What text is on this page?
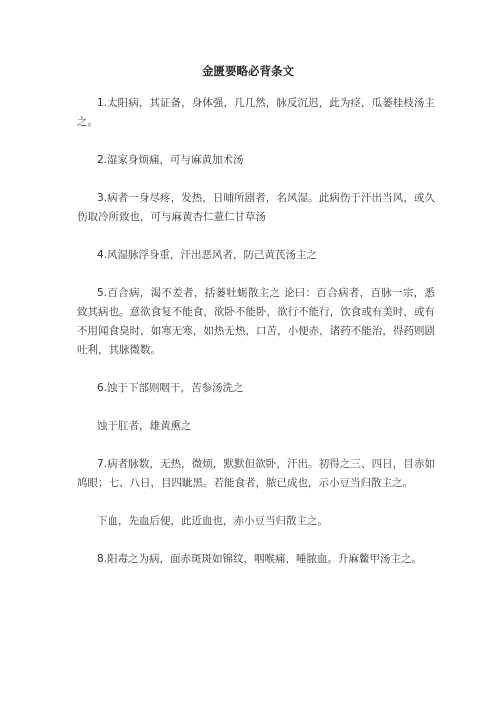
金匮要略必背条文

1.太阳病，其证备，身体强，几几然，脉反沉迟，此为痉，瓜蒌桂枝汤主之。

2.湿家身烦痛，可与麻黄加术汤

3.病者一身尽疼，发热，日晡所剧者，名风湿。此病伤于汗出当风，或久伤取冷所致也，可与麻黄杏仁薏仁甘草汤

4.风湿脉浮身重，汗出恶风者，防己黄芪汤主之

5.百合病，渴不差者，括蒌牡蛎散主之 论曰：百合病者，百脉一宗，悉致其病也。意欲食复不能食，欲卧不能卧，欲行不能行，饮食或有美时，或有不用闻食臭时，如寒无寒，如热无热，口苦，小便赤，诸药不能治，得药则剧吐利，其脉微数。

6.蚀于下部则咽干，苦参汤洗之

蚀于肛者，雄黄熏之

7.病者脉数，无热，微烦，默默但欲卧，汗出。初得之三、四日，目赤如鸠眼；七、八日，目四眦黑。若能食者，脓已成也，示小豆当归散主之。

下血，先血后便，此近血也，赤小豆当归散主之。

8.阳毒之为病，面赤斑斑如锦纹，咽喉痛，唾脓血。升麻鳖甲汤主之。
